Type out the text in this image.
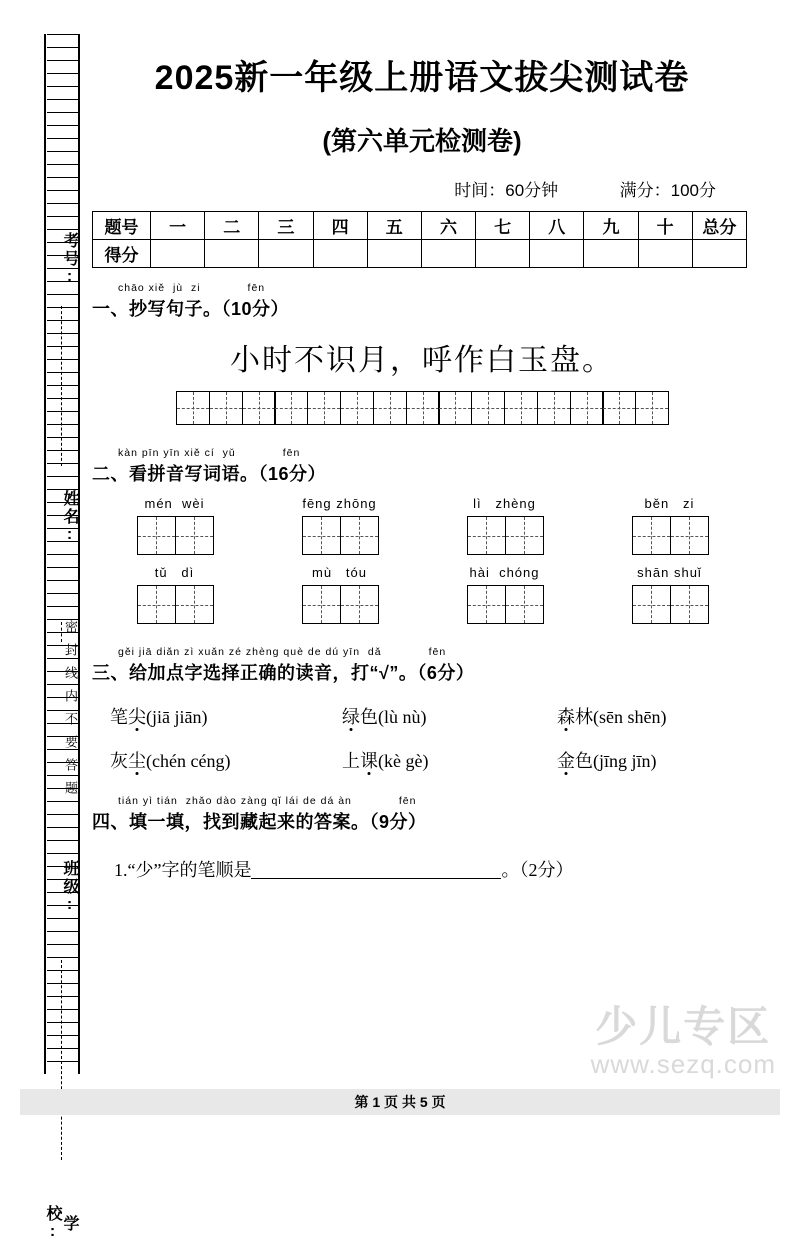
考号:
姓名:
班级:
学校:
密封线内不要答题
2025新一年级上册语文拔尖测试卷
(第六单元检测卷)
时间：60分钟	满分：100分
题号	一	二	三	四	五	六	七	八	九	十	总分
得分											
chāo xiě  jù  zi            fēn
一、抄写句子。（10分）
小时不识月，呼作白玉盘。
kàn pīn yīn xiě cí  yǔ            fēn
二、看拼音写词语。（16分）
mén  wèi	fēng zhōng	lì   zhèng	běn   zi
tǔ   dì	mù   tóu	hài  chóng	shān shuǐ
gěi jiā diǎn zì xuǎn zé zhèng què de dú yīn  dǎ            fēn
三、给加点字选择正确的读音，打“√”。（6分）
笔尖(jiā jiān)	绿色(lù nù)	森林(sēn shēn)
灰尘(chén céng)	上课(kè gè)	金色(jīng jīn)
tián yì tián  zhǎo dào zàng qǐ lái de dá àn            fēn
四、填一填，找到藏起来的答案。（9分）
1.“少”字的笔顺是	。（2分）
少儿专区
www.sezq.com
第 1 页 共 5 页
